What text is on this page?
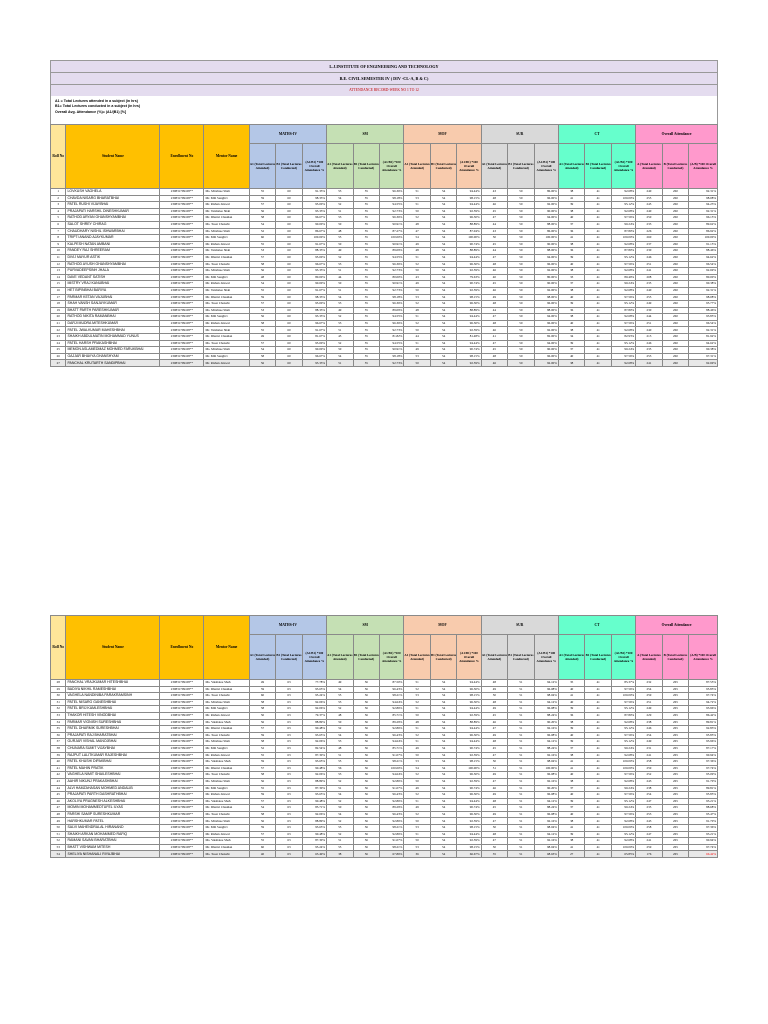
L.J.INSTITUTE OF ENGINEERING AND TECHNOLOGY
B.E. CIVIL SEMESTER IV ( DIV -CL-A, B & C)
ATTENDANCE RECORD-WEEK NO 1 TO 12
A1 = Total Lectures attended in a subject (in hrs)
B1= Total Lectures conducted in a subject (in hrs)
Overall Avg. Attendance (%)= (A1/(B1) [%]
Roll No	Student Name	Enrollment No	Mentor Name	MATHS-IV			SM			MOF			SUR			CT			Overall Attendance		
				A1 (Total Lectures Attended)	B1 (Total Lectures Conducted)	(A1/B1) *100 Overall Attendance %	A1 (Total Lectures Attended)	B1 (Total Lectures Conducted)	(A1/B1) *100 Overall Attendance %	A1 (Total Lectures Attended)	B1 (Total Lectures Conducted)	(A1/B1) *100 Overall Attendance %	A1 (Total Lectures Attended)	B1 (Total Lectures Conducted)	(A1/B1) *100 Overall Attendance %	A1 (Total Lectures Attended)	B1 (Total Lectures Conducted)	(A1/B1) *100 Overall Attendance %	A (Total Lectures Attended)	B (Total Lectures Conducted)	(A/B) *100 Overall Attendance %
1	LOVKUSH VAGHELA	230831799108**	Ms. Mirshree Shah	55	60	91.33%	53	55	96.36%	51	54	94.44%	43	50	86.00%	38	41	92.68%	240	260	92.31%
2	CHAVDA NISARG BHARATBHAI	230831799108**	Mr. Mili Sanghvi	59	60	98.33%	54	55	98.18%	53	54	98.15%	48	50	96.00%	41	41	100.00%	255	260	98.08%
3	PATEL RUSHI VIJAYBHAI	230831799108**	Mr. Rishan Jaiswal	57	60	95.00%	52	55	94.55%	51	54	94.44%	46	50	92.00%	39	41	95.12%	245	260	94.23%
4	PRAJAPATI HARSHIL DINESHKUMAR	230831799108**	Mr. Vaishalee Shah	56	60	93.33%	51	55	92.73%	50	54	92.59%	45	50	90.00%	38	41	92.68%	240	260	92.31%
5	RATHOD ARYAN GHANSHYAMBHAI	230831799108**	Mr. Dhanvi Chauhan	58	60	96.67%	53	55	96.36%	52	54	96.30%	47	50	94.00%	40	41	97.56%	250	260	96.15%
6	SALOT SHREY CHIRAG	230831799108**	Ms. Tosar Chokshi	54	60	90.00%	50	55	90.91%	48	54	88.89%	44	50	88.00%	37	41	90.24%	233	260	89.62%
7	CHAUDHARY NISHIL ISHWARBHAI	230831799108**	Ms. Mirshree Shah	52	60	86.67%	48	55	87.27%	47	54	87.04%	43	50	86.00%	36	41	87.80%	226	260	86.92%
8	TRIPTI ANAND AJAYKUMAR	230831799108**	Mr. Mili Sanghvi	60	60	100.00%	55	55	100.00%	54	54	100.00%	50	50	100.00%	41	41	100.00%	260	260	100.00%
9	KALPESH NATAN AMBANI	230831799108**	Mr. Rishan Jaiswal	55	60	91.67%	50	55	90.91%	49	54	90.74%	45	50	90.00%	38	41	92.68%	237	260	91.15%
10	PANDEY RAJ SHREERAM	230831799108**	Mr. Vaishalee Shah	53	60	88.33%	49	55	89.09%	48	54	88.89%	44	50	88.00%	36	41	87.80%	230	260	88.46%
11	DIVIJ MAYUR ASTIK	230831799108**	Mr. Dhanvi Chauhan	57	60	95.00%	52	55	94.55%	51	54	94.44%	47	50	94.00%	39	41	95.12%	246	260	94.62%
12	RATHOD AYUSH GHANSHYAMBHAI	230831799108**	Ms. Tosar Chokshi	58	60	96.67%	53	55	96.36%	52	54	96.30%	48	50	96.00%	40	41	97.56%	251	260	96.54%
13	PURVADEEPSINH JHALA	230831799108**	Ms. Mirshree Shah	56	60	93.33%	51	55	92.73%	50	54	92.59%	46	50	92.00%	38	41	92.68%	241	260	92.69%
14	DAVE VEDANT SATISH	230831799108**	Mr. Mili Sanghvi	48	60	80.00%	44	55	80.00%	43	54	79.63%	40	50	80.00%	33	41	80.49%	208	260	80.00%
15	MISTRY VRAJ KANUBHAI	230831799108**	Mr. Rishan Jaiswal	54	60	90.00%	50	55	90.91%	49	54	90.74%	45	50	90.00%	37	41	90.24%	235	260	90.38%
16	HET BIPINBHAI BARIYA	230831799108**	Mr. Vaishalee Shah	55	60	91.67%	51	55	92.73%	50	54	92.59%	46	50	92.00%	38	41	92.68%	240	260	92.31%
17	PARMAR KETAN VAJUBHAI	230831799108**	Mr. Dhanvi Chauhan	59	60	98.33%	54	55	98.18%	53	54	98.15%	49	50	98.00%	40	41	97.56%	255	260	98.08%
18	SHAH VANSH SANJAYKUMAR	230831799108**	Ms. Tosar Chokshi	57	60	95.00%	53	55	96.36%	52	54	96.30%	48	50	96.00%	39	41	95.12%	249	260	95.77%
19	BHATT PARTH PARESHKUMAR	230831799108**	Ms. Mirshree Shah	53	60	88.33%	49	55	89.09%	48	54	88.89%	44	50	88.00%	36	41	87.80%	230	260	88.46%
20	RATHOD NIKITA RAMANBHAI	230831799108**	Mr. Mili Sanghvi	56	60	93.33%	52	55	94.55%	51	54	94.44%	47	50	94.00%	38	41	92.68%	244	260	93.85%
21	DARJI MUDRA MITESHKUMAR	230831799108**	Mr. Rishan Jaiswal	58	60	96.67%	53	55	96.36%	52	54	96.30%	48	50	96.00%	40	41	97.56%	251	260	96.54%
22	PATEL JWALKUMAR MAHESHBHAI	230831799108**	Mr. Vaishalee Shah	55	60	91.67%	51	55	92.73%	50	54	92.59%	46	50	92.00%	38	41	92.68%	240	260	92.31%
23	SHAIKH ABDULMATIN MOHAMMAD YUNUS	230831799108**	Mr. Dhanvi Chauhan	49	60	81.67%	45	55	81.82%	44	54	81.48%	41	50	82.00%	34	41	82.93%	213	260	81.92%
24	PATEL HARSH PRAKASHBHAI	230831799108**	Ms. Tosar Chokshi	57	60	95.00%	52	55	94.55%	51	54	94.44%	47	50	94.00%	39	41	95.12%	246	260	94.62%
25	MEMON ASLAMEDMAZ MOHMED FARUKBHAI	230831799108**	Ms. Mirshree Shah	54	60	90.00%	50	55	90.91%	49	54	90.74%	45	50	90.00%	37	41	90.24%	235	260	90.38%
26	GAJJAR BHAVYA GHANSHYAM	230831799108**	Mr. Mili Sanghvi	58	60	96.67%	54	55	98.18%	53	54	98.15%	48	50	96.00%	40	41	97.56%	253	260	97.31%
27	PANCHAL KRUTARTH SANDIPBHAI	230831799108**	Mr. Rishan Jaiswal	56	60	93.33%	51	55	92.73%	50	54	92.59%	46	50	92.00%	38	41	92.68%	241	260	92.69%
Roll No	Student Name	Enrollment No	Mentor Name	MATHS-IV			SM			MOF			SUR			CT			Overall Attendance		
				A1 (Total Lectures Attended)	B1 (Total Lectures Conducted)	(A1/B1) *100 Overall Attendance %	A1 (Total Lectures Attended)	B1 (Total Lectures Conducted)	(A1/B1) *100 Overall Attendance %	A1 (Total Lectures Attended)	B1 (Total Lectures Conducted)	(A1/B1) *100 Overall Attendance %	A1 (Total Lectures Attended)	B1 (Total Lectures Conducted)	(A1/B1) *100 Overall Attendance %	A1 (Total Lectures Attended)	B1 (Total Lectures Conducted)	(A1/B1) *100 Overall Attendance %	A (Total Lectures Attended)	B (Total Lectures Conducted)	(A/B) *100 Overall Attendance %
28	PANCHAL VRAJKUMAR HITESHBHAI	230831799108**	Ms. Vaishalee Shah	49	63	77.78%	49	56	87.50%	51	54	94.44%	48	51	94.12%	35	41	85.37%	232	265	87.55%
29	BADIYA NIKHIL RAMESHBHAI	230831799108**	Mr. Dhanvi Chauhan	59	63	93.65%	54	56	96.43%	52	54	96.30%	49	51	96.08%	40	41	97.56%	254	265	95.85%
30	VAGHELA NANDINIBA PARAKRAMSINH	230831799108**	Ms. Tosar Chokshi	60	63	95.24%	55	56	98.21%	53	54	98.15%	50	51	98.04%	41	41	100.00%	259	265	97.74%
31	PATEL NISARG GANESHBHAI	230831799108**	Ms. Mirshree Shah	58	63	92.06%	53	56	94.64%	52	54	96.30%	48	51	94.12%	40	41	97.56%	251	265	94.72%
32	PATEL BRIJ KAMLESHBHAI	230831799108**	Mr. Mili Sanghvi	58	63	92.06%	52	56	92.86%	51	54	94.44%	49	51	96.08%	39	41	95.12%	249	265	93.96%
33	THAKOR HITESH VINODBHAI	230831799108**	Mr. Rishan Jaiswal	50	63	79.37%	48	56	85.71%	50	54	92.59%	45	51	88.24%	36	41	87.80%	229	265	86.42%
34	PARMAR VIGNISH SURESHBHAI	230831799108**	Ms. Vaishalee Shah	56	63	88.89%	50	56	89.29%	48	54	88.89%	46	51	90.20%	38	41	92.68%	238	265	89.81%
35	PATEL DHARMIK SURESHBHAI	230831799108**	Mr. Dhanvi Chauhan	57	63	90.48%	52	56	92.86%	51	54	94.44%	47	51	92.16%	39	41	95.12%	246	265	92.83%
36	PRAJAPATI RAJ BHARATBHAI	230831799108**	Ms. Tosar Chokshi	59	63	93.65%	54	56	96.43%	52	54	96.30%	49	51	96.08%	40	41	97.56%	254	265	95.85%
37	GURJAR VISHAL MANOJBHAI	230831799108**	Ms. Mirshree Shah	58	63	92.06%	53	56	94.64%	51	54	94.44%	48	51	94.12%	39	41	95.12%	249	265	93.96%
38	CHUNARA SUMIT VIJAYBHAI	230831799108**	Mr. Mili Sanghvi	52	63	82.54%	48	56	85.71%	49	54	90.74%	45	51	88.24%	37	41	90.24%	231	265	87.17%
39	RAJPUT LALITKUMAR RAJESHBHAI	230831799108**	Mr. Rishan Jaiswal	55	63	87.30%	51	56	91.07%	50	54	92.59%	47	51	92.16%	38	41	92.68%	241	265	90.94%
40	PATEL KHUSHI DIPAKBHAI	230831799108**	Ms. Vaishalee Shah	59	63	93.65%	55	56	98.21%	53	54	98.15%	50	51	98.04%	41	41	100.00%	258	265	97.36%
41	PATEL MAHIN PRATIK	230831799108**	Mr. Dhanvi Chauhan	57	63	90.48%	56	56	100.00%	54	54	100.00%	51	51	100.00%	41	41	100.00%	259	265	97.74%
42	VAGHELA NIMIT SHAILESHBHAI	230831799108**	Ms. Tosar Chokshi	58	63	92.06%	53	56	94.64%	52	54	96.30%	49	51	96.08%	40	41	97.56%	252	265	95.09%
43	AAHIR NIKUNJ PRAKASHBHAI	230831799108**	Ms. Mirshree Shah	56	63	88.89%	52	56	92.86%	50	54	92.59%	47	51	92.16%	38	41	92.68%	243	265	91.70%
44	ALVI HAMZAHASAN MOHMED ANDALIB	230831799108**	Mr. Mili Sanghvi	55	63	87.30%	51	56	91.07%	49	54	90.74%	46	51	90.20%	37	41	90.24%	238	265	89.81%
45	PRAJAPATI PARTH DASHRATHBHAI	230831799108**	Mr. Rishan Jaiswal	59	63	93.65%	54	56	96.43%	52	54	96.30%	49	51	96.08%	40	41	97.56%	254	265	95.85%
46	AKOLIYA PRAGNESH ALKESHBHAI	230831799108**	Ms. Vaishalee Shah	57	63	90.48%	52	56	92.86%	51	54	94.44%	48	51	94.12%	39	41	95.12%	247	265	93.21%
47	MOMIN MOHAMMEDTUFEL ILYAS	230831799108**	Mr. Dhanvi Chauhan	54	63	85.71%	50	56	89.29%	49	54	90.74%	45	51	88.24%	37	41	90.24%	235	265	88.68%
48	PARSHI SAMIP SURESHKUMAR	230831799108**	Ms. Tosar Chokshi	58	63	92.06%	54	56	96.43%	52	54	96.30%	49	51	96.08%	40	41	97.56%	253	265	95.47%
49	HARSHKUMAR PATEL	230831799108**	Ms. Mirshree Shah	56	63	88.89%	52	56	92.86%	50	54	92.59%	47	51	92.16%	38	41	92.68%	243	265	91.70%
50	SALVI MAHENDRALAL HIRANAND	230831799108**	Mr. Mili Sanghvi	59	63	93.65%	55	56	98.21%	53	54	98.15%	50	51	98.04%	41	41	100.00%	258	265	97.36%
51	SHAIKH ARKAN MOHAMMED RAFIQ	230831799108**	Mr. Rishan Jaiswal	57	63	90.48%	52	56	92.86%	51	54	94.44%	48	51	94.12%	39	41	95.12%	247	265	93.21%
52	RAMANI SAVAN BHARATBHAI	230831799108**	Ms. Vaishalee Shah	55	63	87.30%	51	56	91.07%	50	54	92.59%	47	51	92.16%	38	41	92.68%	241	265	90.94%
53	BHATT VISHWAM MITESH	230831799108**	Mr. Dhanvi Chauhan	60	63	95.24%	55	56	98.21%	53	54	98.15%	50	51	98.04%	41	41	100.00%	259	265	97.74%
54	SHELIYA NISHANALI RIYAJBHAI	230831799108**	Ms. Tosar Chokshi	40	63	63.49%	38	56	67.86%	36	54	66.67%	35	51	68.63%	27	41	65.85%	176	265	66.42%
